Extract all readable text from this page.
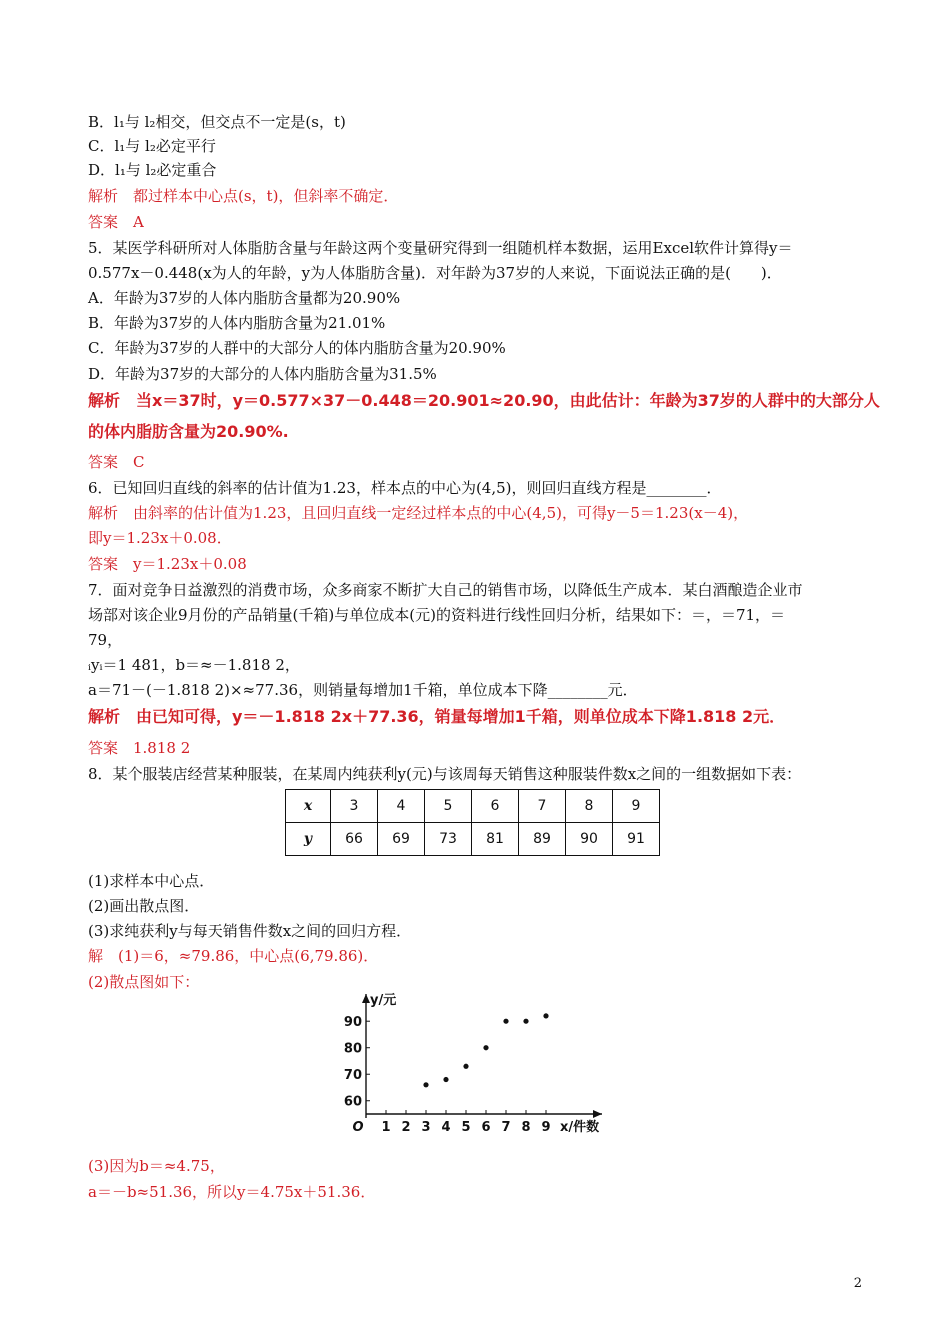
B．l₁与 l₂相交，但交点不一定是(s，t)
C．l₁与 l₂必定平行
D．l₁与 l₂必定重合
解析　都过样本中心点(s，t)，但斜率不确定．
答案　A
5．某医学科研所对人体脂肪含量与年龄这两个变量研究得到一组随机样本数据，运用Excel软件计算得y＝
0.577x－0.448(x为人的年龄，y为人体脂肪含量)．对年龄为37岁的人来说，下面说法正确的是(　　)．
A．年龄为37岁的人体内脂肪含量都为20.90%
B．年龄为37岁的人体内脂肪含量为21.01%
C．年龄为37岁的人群中的大部分人的体内脂肪含量为20.90%
D．年龄为37岁的大部分的人体内脂肪含量为31.5%
解析　当x＝37时，y＝0.577×37－0.448＝20.901≈20.90，由此估计：年龄为37岁的人群中的大部分人
的体内脂肪含量为20.90%.
答案　C
6．已知回归直线的斜率的估计值为1.23，样本点的中心为(4,5)，则回归直线方程是________．
解析　由斜率的估计值为1.23，且回归直线一定经过样本点的中心(4,5)，可得y－5＝1.23(x－4)，
即y＝1.23x＋0.08．
答案　y＝1.23x＋0.08
7．面对竞争日益激烈的消费市场，众多商家不断扩大自己的销售市场，以降低生产成本．某白酒酿造企业市
场部对该企业9月份的产品销量(千箱)与单位成本(元)的资料进行线性回归分析，结果如下：＝，＝71，＝
79，
ᵢyᵢ＝1 481，b＝≈－1.818 2，
a＝71－(－1.818 2)×≈77.36，则销量每增加1千箱，单位成本下降________元．
解析　由已知可得，y＝－1.818 2x＋77.36，销量每增加1千箱，则单位成本下降1.818 2元．
答案　1.818 2
8．某个服装店经营某种服装，在某周内纯获利y(元)与该周每天销售这种服装件数x之间的一组数据如下表：
(1)求样本中心点．
(2)画出散点图．
(3)求纯获利y与每天销售件数x之间的回归方程．
解　(1)＝6，≈79.86，中心点(6,79.86)．
(2)散点图如下：
(3)因为b＝≈4.75，
a＝－b≈51.36，所以y＝4.75x＋51.36．
x	3	4	5	6	7	8	9
y	66	69	73	81	89	90	91
1 2 3 4 5 6 7 8 9
60
70
80
90
O
y/元
x/件数
2
